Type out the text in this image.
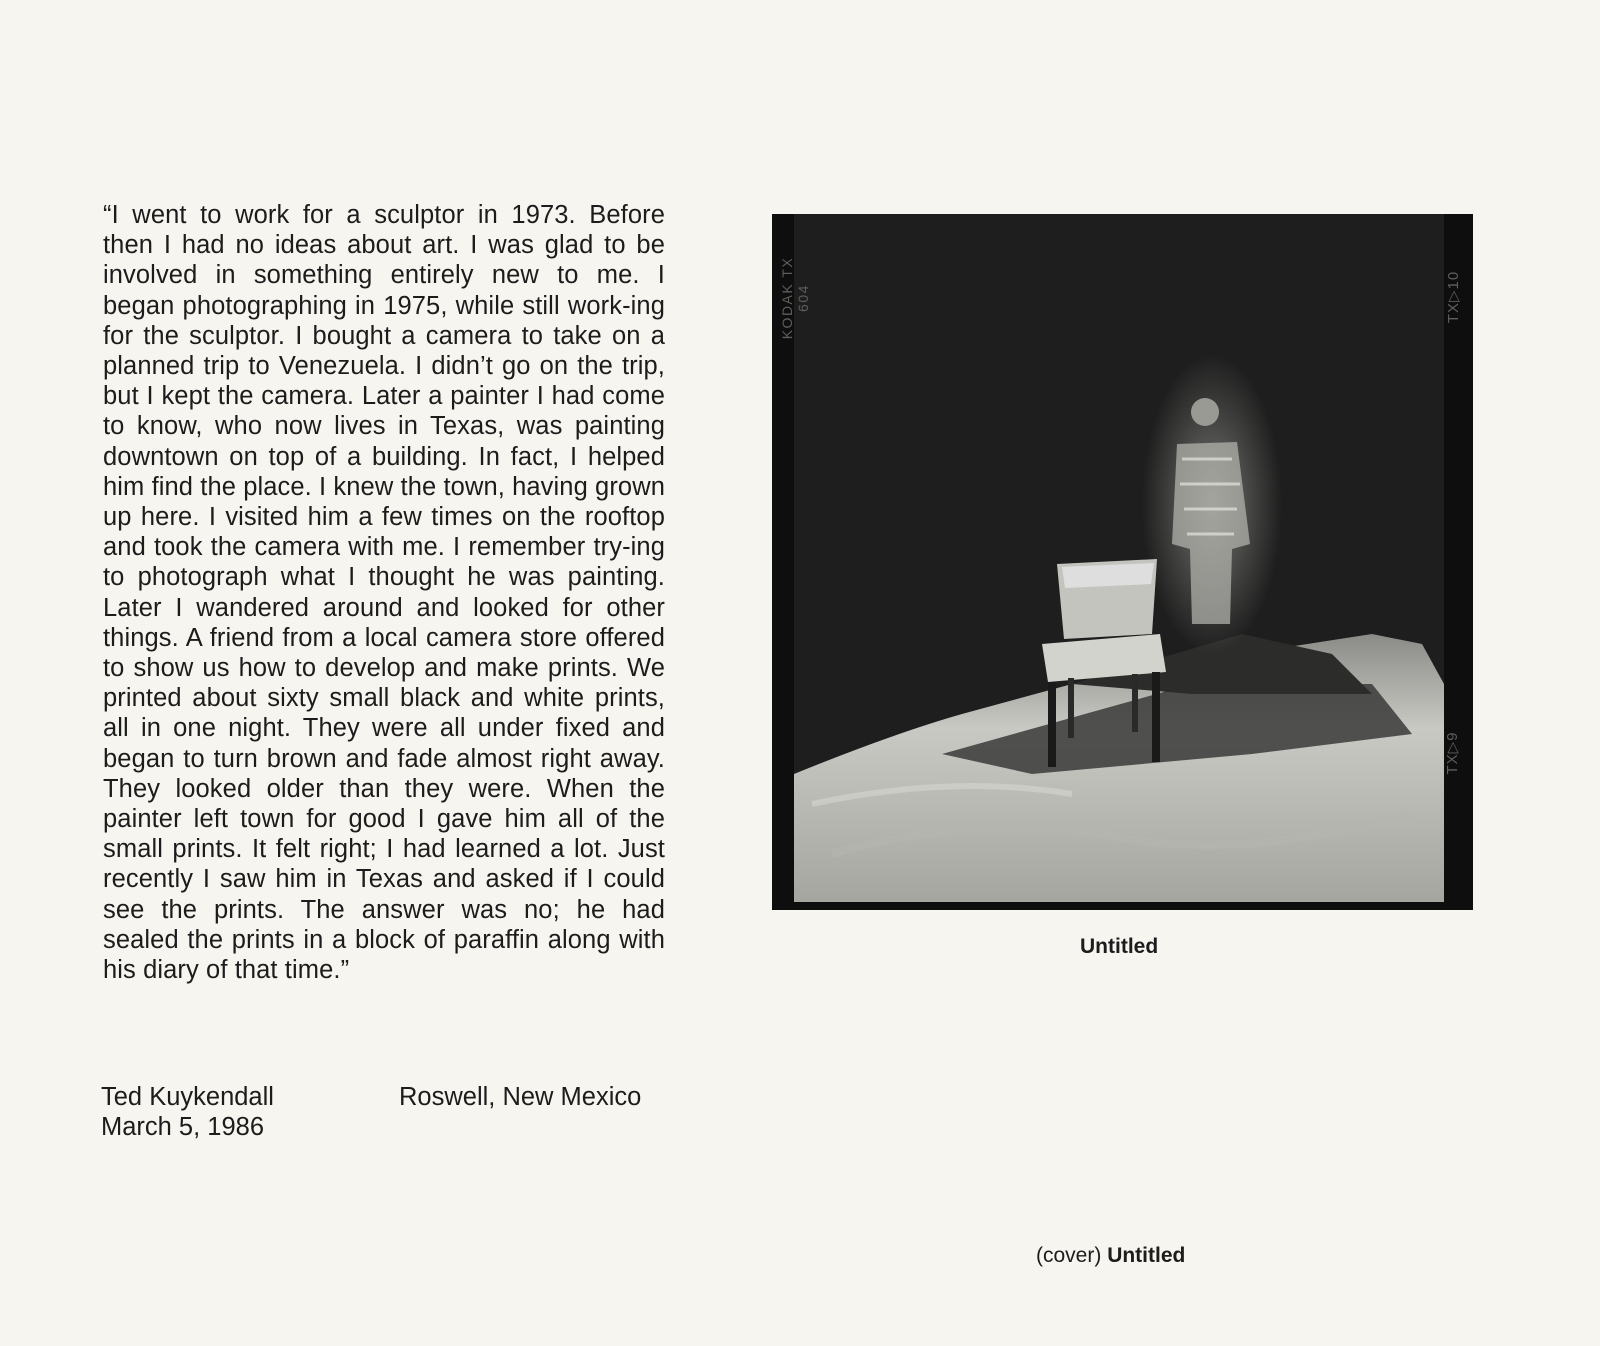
“I went to work for a sculptor in 1973. Before then I had no ideas about art. I was glad to be involved in something entirely new to me. I began photographing in 1975, while still work-ing for the sculptor. I bought a camera to take on a planned trip to Venezuela. I didn’t go on the trip, but I kept the camera. Later a painter I had come to know, who now lives in Texas, was painting downtown on top of a building. In fact, I helped him find the place. I knew the town, having grown up here. I visited him a few times on the rooftop and took the camera with me. I remember try-ing to photograph what I thought he was painting. Later I wandered around and looked for other things. A friend from a local camera store offered to show us how to develop and make prints. We printed about sixty small black and white prints, all in one night. They were all under fixed and began to turn brown and fade almost right away. They looked older than they were. When the painter left town for good I gave him all of the small prints. It felt right; I had learned a lot. Just recently I saw him in Texas and asked if I could see the prints. The answer was no; he had sealed the prints in a block of paraffin along with his diary of that time.”

Ted Kuykendall
March 5, 1986
Roswell, New Mexico
KODAK TX 604	TX▷10
TX▷9
Untitled
(cover) Untitled
